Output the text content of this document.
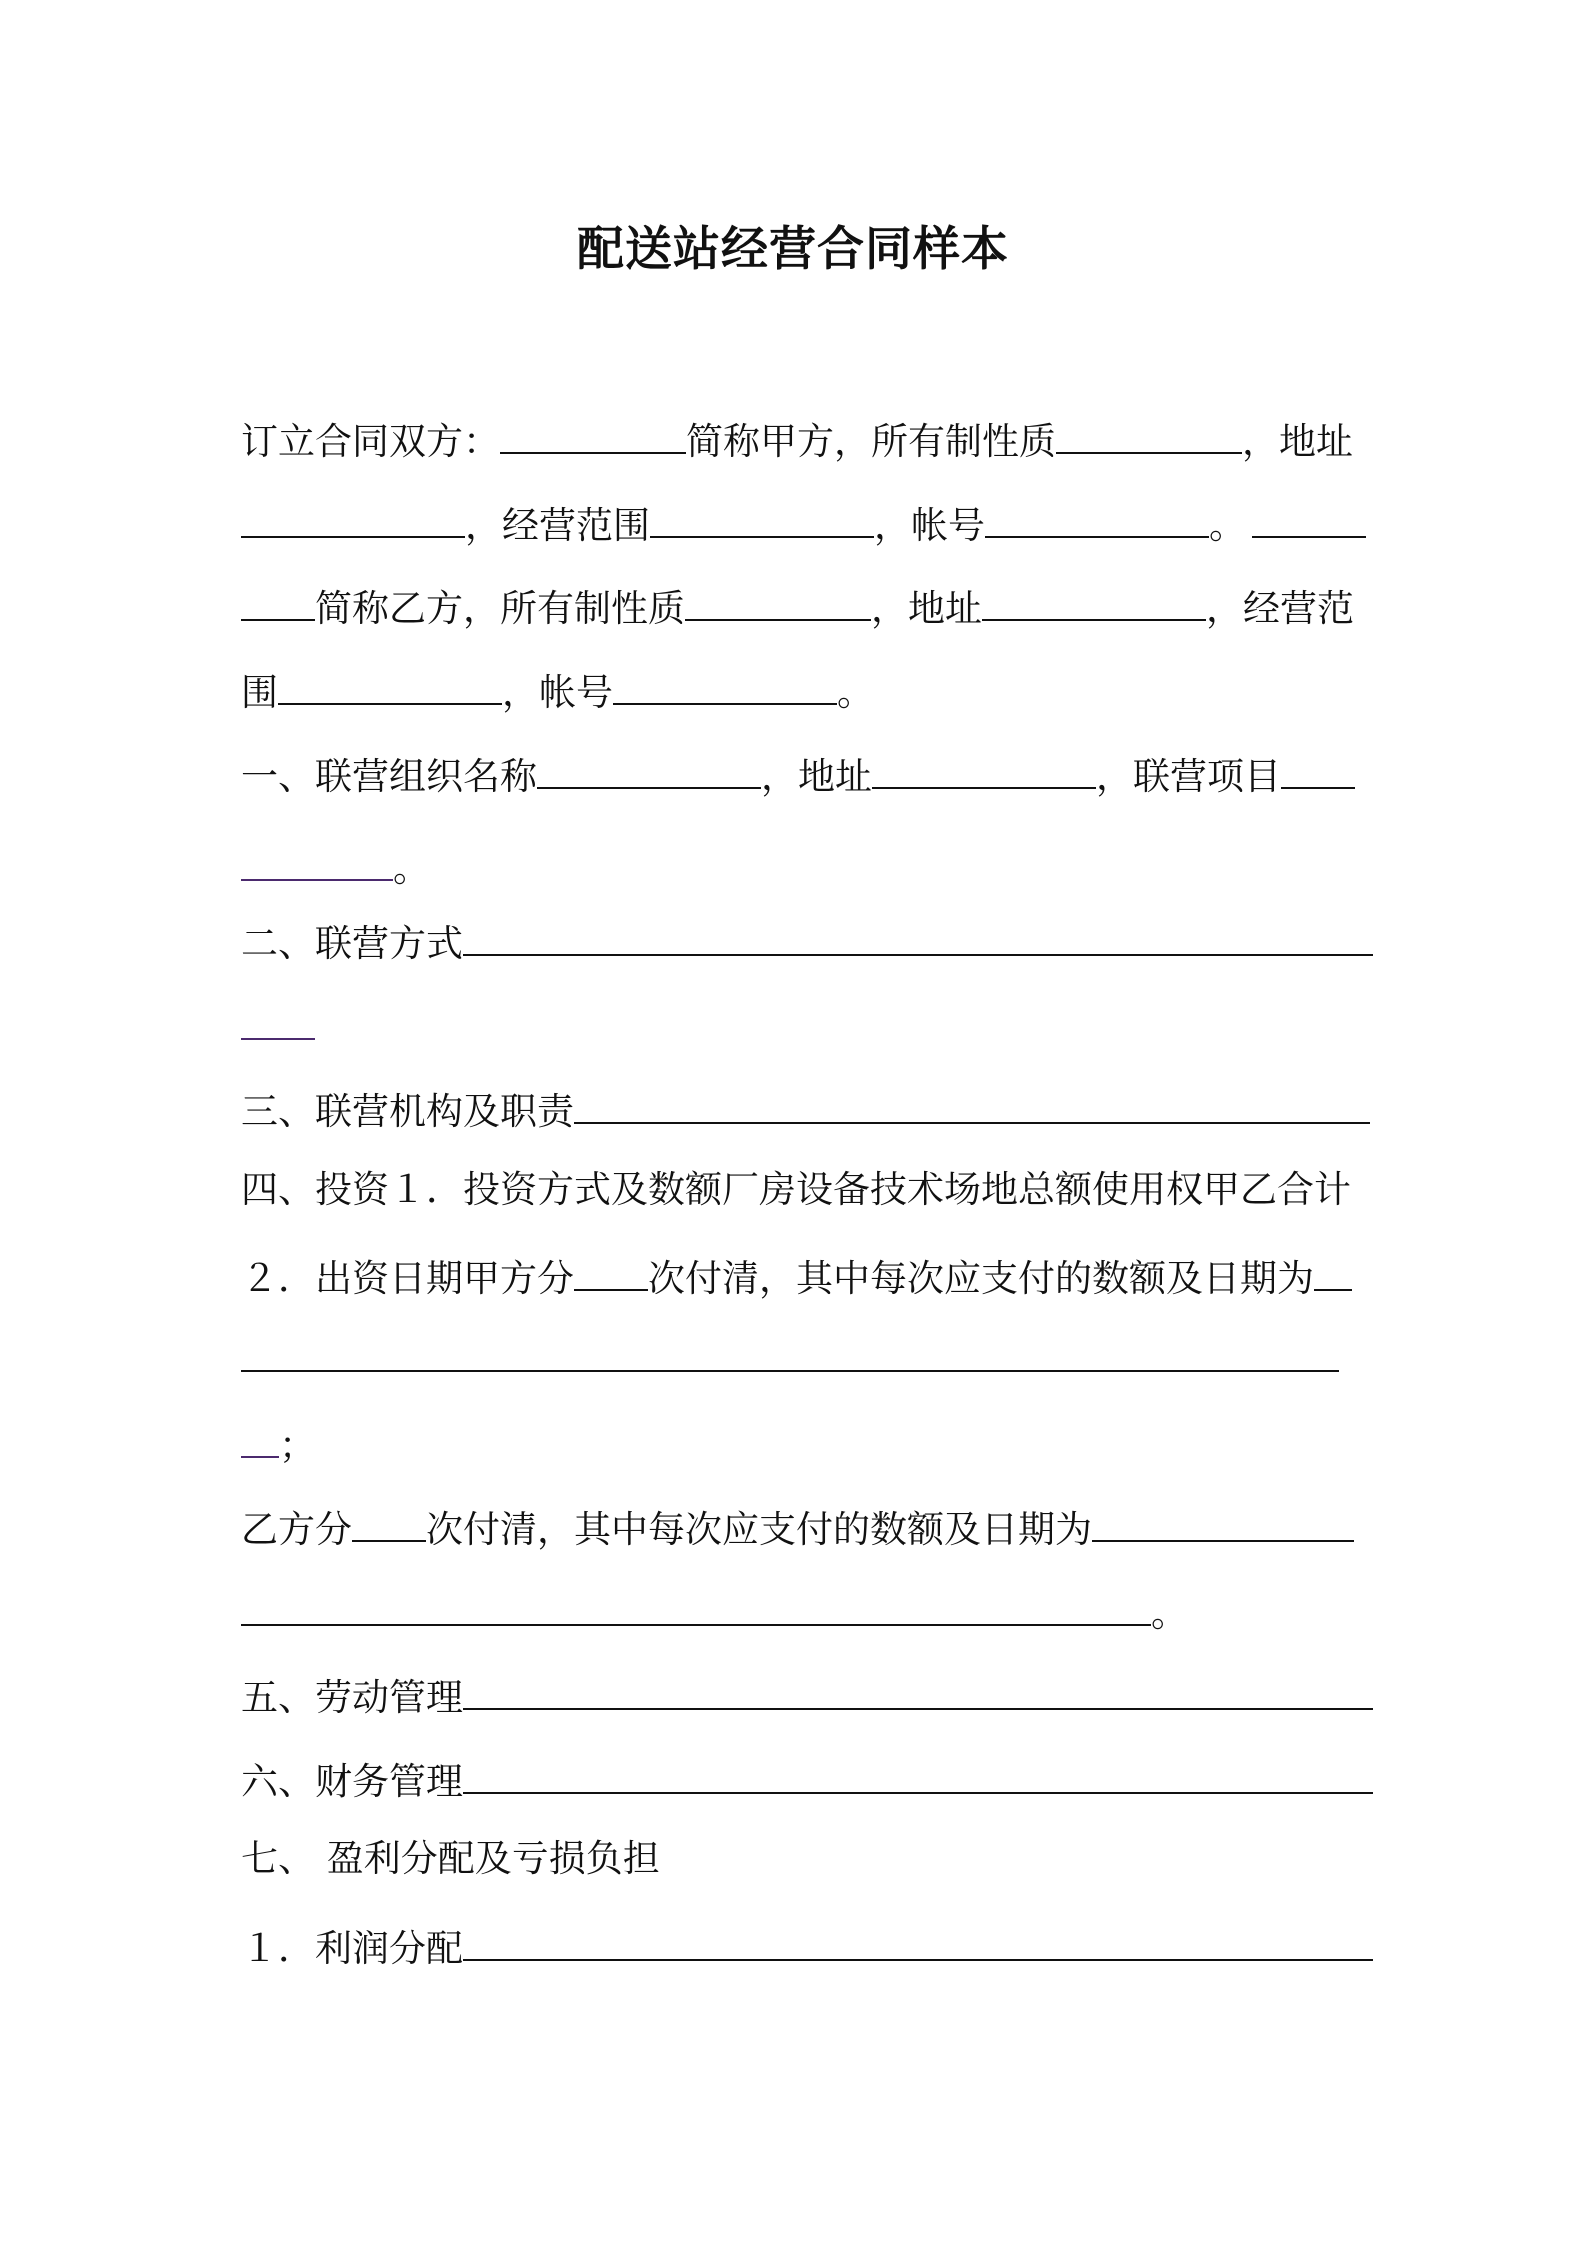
配送站经营合同样本
订立合同双方：	简称甲方，所有制性质	，地址
，经营范围	，帐号	。
简称乙方，所有制性质	，地址	，经营范
围	，帐号	。
一、联营组织名称	，地址	，联营项目
。
二、联营方式
三、联营机构及职责
四、投资１．投资方式及数额厂房设备技术场地总额使用权甲乙合计
２．出资日期甲方分 次付清，其中每次应支付的数额及日期为
；
乙方分 次付清，其中每次应支付的数额及日期为
。
五、劳动管理
六、财务管理
七、 盈利分配及亏损负担
１．利润分配
